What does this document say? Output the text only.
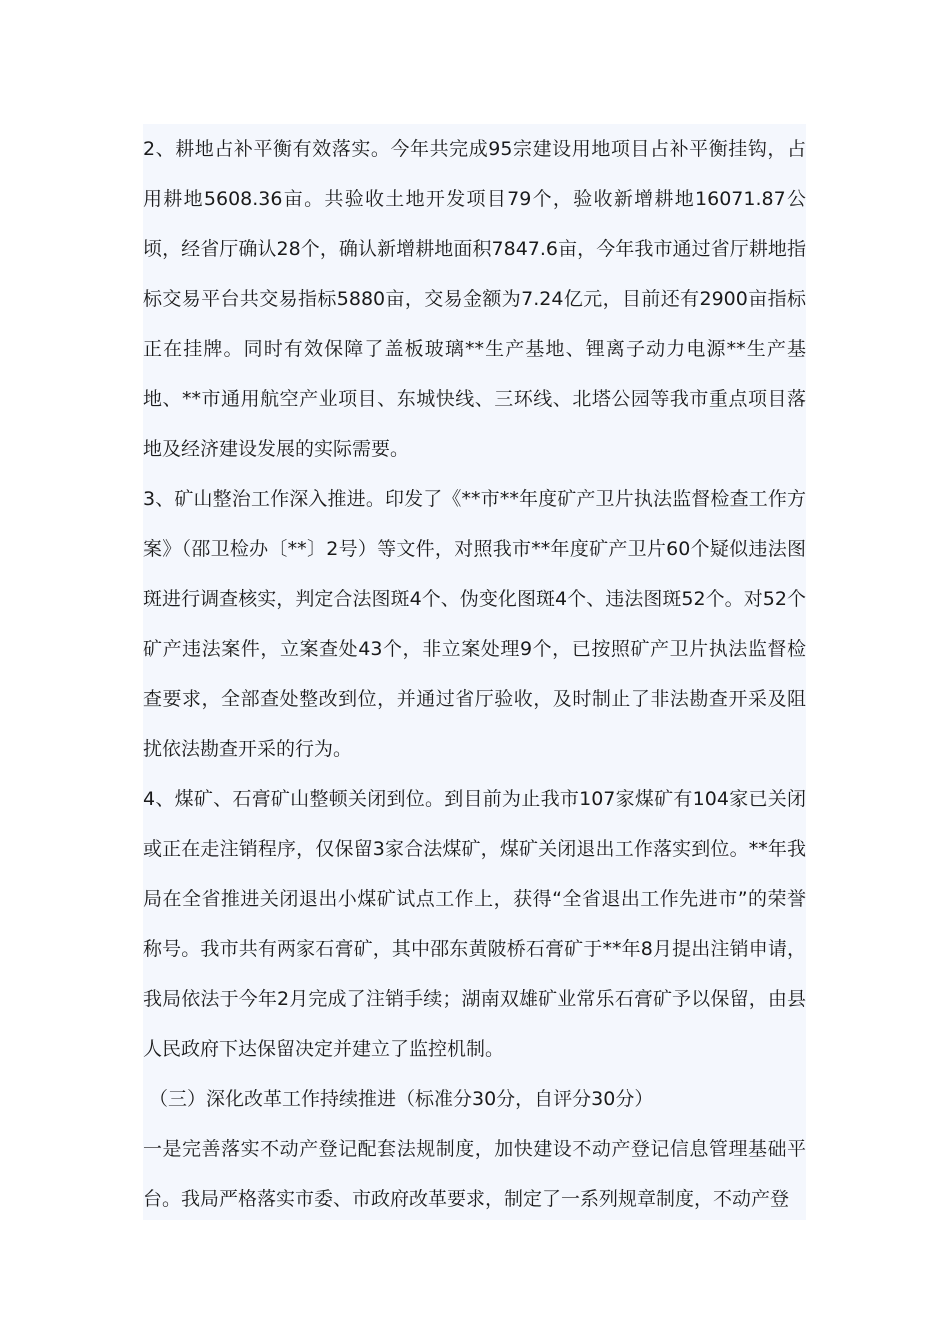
2、耕地占补平衡有效落实。今年共完成95宗建设用地项目占补平衡挂钩，占用耕地5608.36亩。共验收土地开发项目79个，验收新增耕地16071.87公顷，经省厅确认28个，确认新增耕地面积7847.6亩，今年我市通过省厅耕地指标交易平台共交易指标5880亩，交易金额为7.24亿元，目前还有2900亩指标正在挂牌。同时有效保障了盖板玻璃**生产基地、锂离子动力电源**生产基地、**市通用航空产业项目、东城快线、三环线、北塔公园等我市重点项目落地及经济建设发展的实际需要。

3、矿山整治工作深入推进。印发了《**市**年度矿产卫片执法监督检查工作方案》（邵卫检办〔**〕2号）等文件，对照我市**年度矿产卫片60个疑似违法图斑进行调查核实，判定合法图斑4个、伪变化图斑4个、违法图斑52个。对52个矿产违法案件，立案查处43个，非立案处理9个，已按照矿产卫片执法监督检查要求，全部查处整改到位，并通过省厅验收，及时制止了非法勘查开采及阻扰依法勘查开采的行为。

4、煤矿、石膏矿山整顿关闭到位。到目前为止我市107家煤矿有104家已关闭或正在走注销程序，仅保留3家合法煤矿，煤矿关闭退出工作落实到位。**年我局在全省推进关闭退出小煤矿试点工作上，获得“全省退出工作先进市”的荣誉称号。我市共有两家石膏矿，其中邵东黄陂桥石膏矿于**年8月提出注销申请，我局依法于今年2月完成了注销手续；湖南双雄矿业常乐石膏矿予以保留，由县人民政府下达保留决定并建立了监控机制。

（三）深化改革工作持续推进（标准分30分，自评分30分）

一是完善落实不动产登记配套法规制度，加快建设不动产登记信息管理基础平台。我局严格落实市委、市政府改革要求，制定了一系列规章制度，不动产登
